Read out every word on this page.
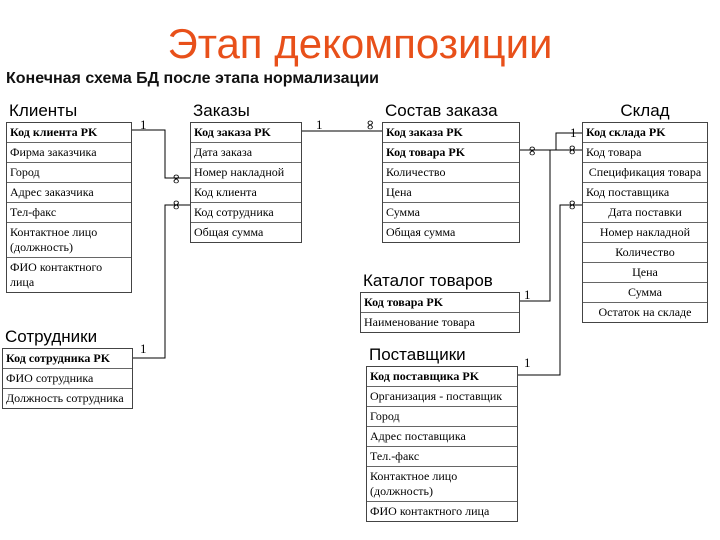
Этап декомпозиции
Конечная схема БД после этапа нормализации
1
∞
∞
1
1	∞
∞
1
1
∞
∞
1
Клиенты
Код клиента PK
Фирма заказчика
Город
Адрес заказчика
Тел-факс
Контактное лицо (должность)
ФИО контактного лица
Заказы
Код заказа PK
Дата заказа
Номер накладной
Код клиента
Код сотрудника
Общая сумма
Состав заказа
Код заказа PK
Код товара PK
Количество
Цена
Сумма
Общая сумма
Склад
Код склада PK
Код товара
Спецификация товара
Код поставщика
Дата поставки
Номер накладной
Количество
Цена
Сумма
Остаток на складе
Сотрудники
Код сотрудника PK
ФИО сотрудника
Должность сотрудника
Каталог товаров
Код товара PK
Наименование товара
Поставщики
Код поставщика PK
Организация - поставщик
Город
Адрес поставщика
Тел.-факс
Контактное лицо (должность)
ФИО контактного лица
